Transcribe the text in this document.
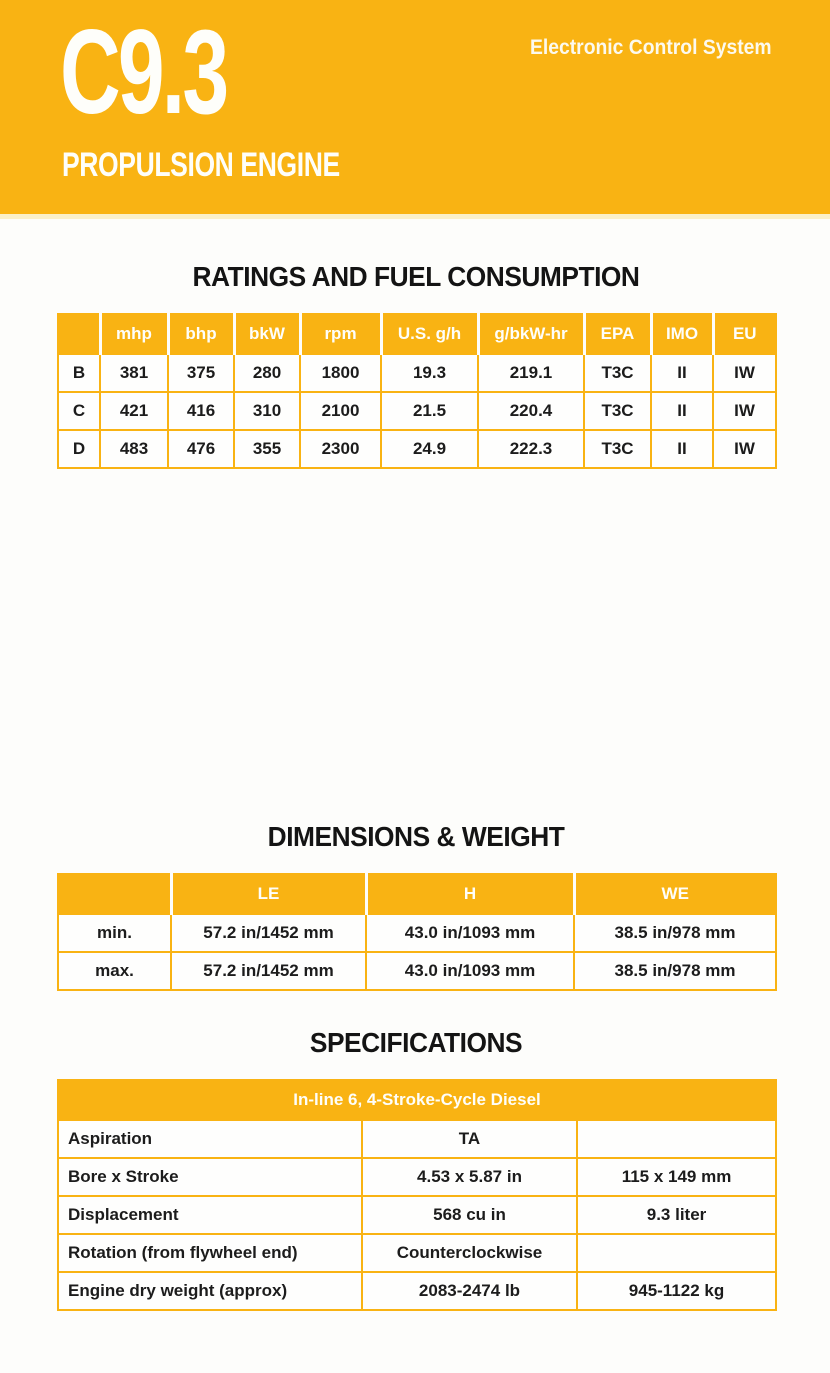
C9.3
PROPULSION ENGINE
Electronic Control System
RATINGS AND FUEL CONSUMPTION
	mhp	bhp	bkW	rpm	U.S. g/h	g/bkW-hr	EPA	IMO	EU
B	381	375	280	1800	19.3	219.1	T3C	II	IW
C	421	416	310	2100	21.5	220.4	T3C	II	IW
D	483	476	355	2300	24.9	222.3	T3C	II	IW
DIMENSIONS & WEIGHT
	LE	H	WE
min.	57.2 in/1452 mm	43.0 in/1093 mm	38.5 in/978 mm
max.	57.2 in/1452 mm	43.0 in/1093 mm	38.5 in/978 mm
SPECIFICATIONS
In-line 6, 4-Stroke-Cycle Diesel		
Aspiration	TA	
Bore x Stroke	4.53 x 5.87 in	115 x 149 mm
Displacement	568 cu in	9.3 liter
Rotation (from flywheel end)	Counterclockwise	
Engine dry weight (approx)	2083-2474 lb	945-1122 kg
